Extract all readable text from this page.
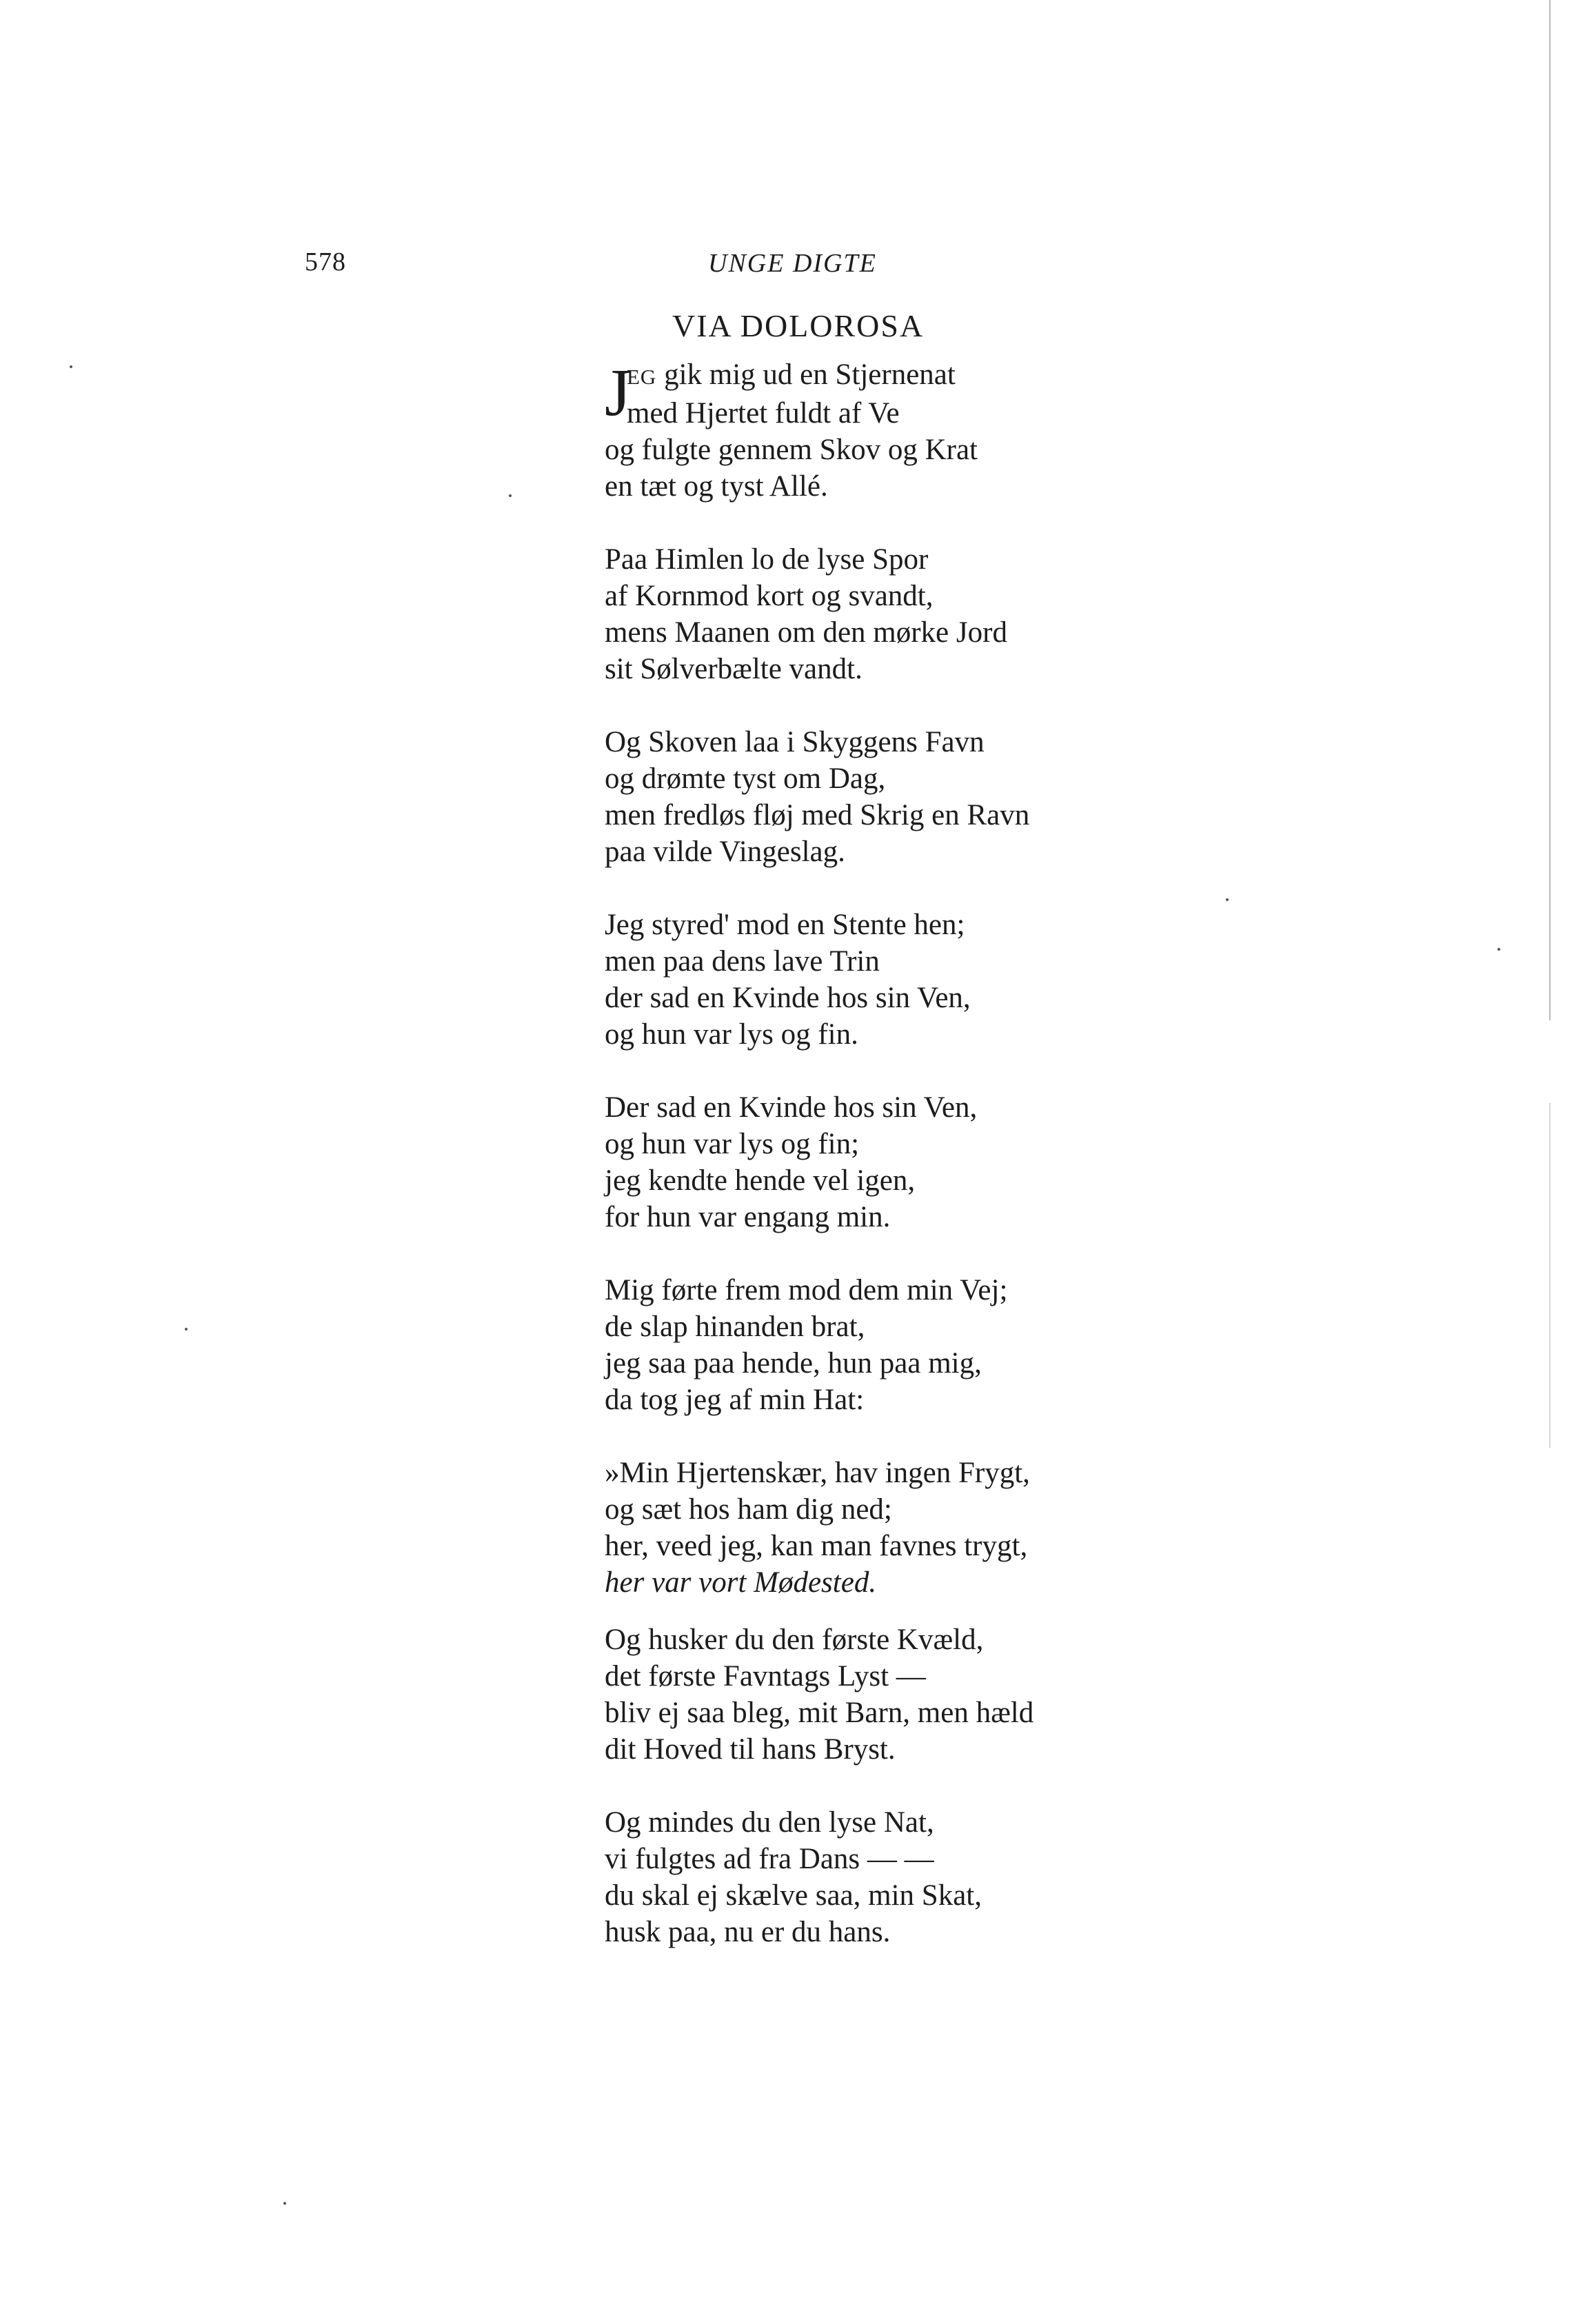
578	UNGE DIGTE
VIA DOLOROSA
J
EG gik mig ud en Stjernenat
med Hjertet fuldt af Ve
og fulgte gennem Skov og Krat
en tæt og tyst Allé.
Paa Himlen lo de lyse Spor
af Kornmod kort og svandt,
mens Maanen om den mørke Jord
sit Sølverbælte vandt.
Og Skoven laa i Skyggens Favn
og drømte tyst om Dag,
men fredløs fløj med Skrig en Ravn
paa vilde Vingeslag.
Jeg styred' mod en Stente hen;
men paa dens lave Trin
der sad en Kvinde hos sin Ven,
og hun var lys og fin.
Der sad en Kvinde hos sin Ven,
og hun var lys og fin;
jeg kendte hende vel igen,
for hun var engang min.
Mig førte frem mod dem min Vej;
de slap hinanden brat,
jeg saa paa hende, hun paa mig,
da tog jeg af min Hat:
»Min Hjertenskær, hav ingen Frygt,
og sæt hos ham dig ned;
her, veed jeg, kan man favnes trygt,
her var vort Mødested.
Og husker du den første Kvæld,
det første Favntags Lyst —
bliv ej saa bleg, mit Barn, men hæld
dit Hoved til hans Bryst.
Og mindes du den lyse Nat,
vi fulgtes ad fra Dans — —
du skal ej skælve saa, min Skat,
husk paa, nu er du hans.
